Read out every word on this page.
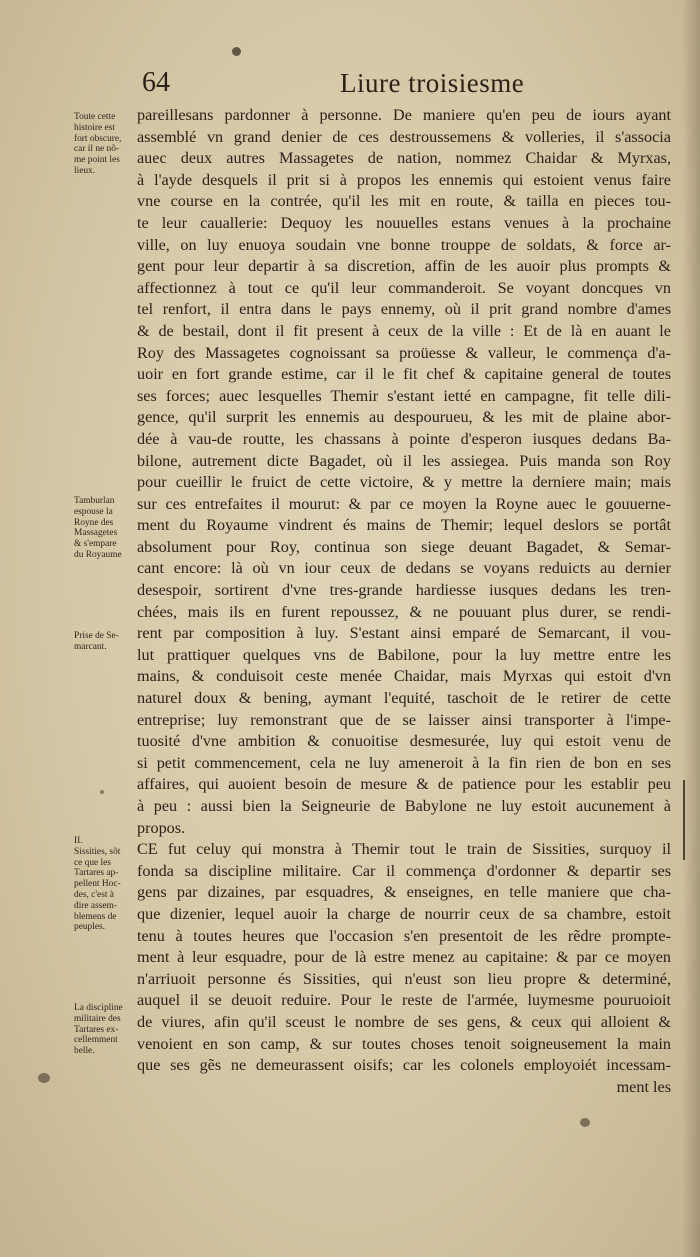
64	Liure troisiesme
pareillesans pardonner à personne. De maniere qu'en peu de iours ayant
assemblé vn grand denier de ces destroussemens & volleries, il s'associa
auec deux autres Massagetes de nation, nommez Chaidar & Myrxas,
à l'ayde desquels il prit si à propos les ennemis qui estoient venus faire
vne course en la contrée, qu'il les mit en route, & tailla en pieces tou-
te leur cauallerie: Dequoy les nouuelles estans venues à la prochaine
ville, on luy enuoya soudain vne bonne trouppe de soldats, & force ar-
gent pour leur departir à sa discretion, affin de les auoir plus prompts &
affectionnez à tout ce qu'il leur commanderoit. Se voyant doncques vn
tel renfort, il entra dans le pays ennemy, où il prit grand nombre d'ames
& de bestail, dont il fit present à ceux de la ville : Et de là en auant le
Roy des Massagetes cognoissant sa proüesse & valleur, le commença d'a-
uoir en fort grande estime, car il le fit chef & capitaine general de toutes
ses forces; auec lesquelles Themir s'estant ietté en campagne, fit telle dili-
gence, qu'il surprit les ennemis au despourueu, & les mit de plaine abor-
dée à vau-de routte, les chassans à pointe d'esperon iusques dedans Ba-
bilone, autrement dicte Bagadet, où il les assiegea. Puis manda son Roy
pour cueillir le fruict de cette victoire, & y mettre la derniere main; mais
sur ces entrefaites il mourut: & par ce moyen la Royne auec le gouuerne-
ment du Royaume vindrent és mains de Themir; lequel deslors se portât
absolument pour Roy, continua son siege deuant Bagadet, & Semar-
cant encore: là où vn iour ceux de dedans se voyans reduicts au dernier
desespoir, sortirent d'vne tres-grande hardiesse iusques dedans les tren-
chées, mais ils en furent repoussez, & ne pouuant plus durer, se rendi-
rent par composition à luy. S'estant ainsi emparé de Semarcant, il vou-
lut prattiquer quelques vns de Babilone, pour la luy mettre entre les
mains, & conduisoit ceste menée Chaidar, mais Myrxas qui estoit d'vn
naturel doux & bening, aymant l'equité, taschoit de le retirer de cette
entreprise; luy remonstrant que de se laisser ainsi transporter à l'impe-
tuosité d'vne ambition & conuoitise desmesurée, luy qui estoit venu de
si petit commencement, cela ne luy ameneroit à la fin rien de bon en ses
affaires, qui auoient besoin de mesure & de patience pour les establir peu
à peu : aussi bien la Seigneurie de Babylone ne luy estoit aucunement à
propos.
CE fut celuy qui monstra à Themir tout le train de Sissities, surquoy il
fonda sa discipline militaire. Car il commença d'ordonner & departir ses
gens par dizaines, par esquadres, & enseignes, en telle maniere que cha-
que dizenier, lequel auoir la charge de nourrir ceux de sa chambre, estoit
tenu à toutes heures que l'occasion s'en presentoit de les rẽdre prompte-
ment à leur esquadre, pour de là estre menez au capitaine: & par ce moyen
n'arriuoit personne és Sissities, qui n'eust son lieu propre & determiné,
auquel il se deuoit reduire. Pour le reste de l'armée, luymesme pouruoioit
de viures, afin qu'il sceust le nombre de ses gens, & ceux qui alloient &
venoient en son camp, & sur toutes choses tenoit soigneusement la main
que ses gẽs ne demeurassent oisifs; car les colonels employoiét incessam-
ment les
Toute cette
histoire est
fort obscure,
car il ne nõ-
me point les
lieux.
Tamburlan
espouse la
Royne des
Massagetes
& s'empare
du Royaume
Prise de Se-
marcant.
II.
Sissities, sõt
ce que les
Tartares ap-
pellent Hoc-
des, c'est à
dire assem-
blemens de
peuples.
La discipline
militaire des
Tartares ex-
cellemment
belle.
